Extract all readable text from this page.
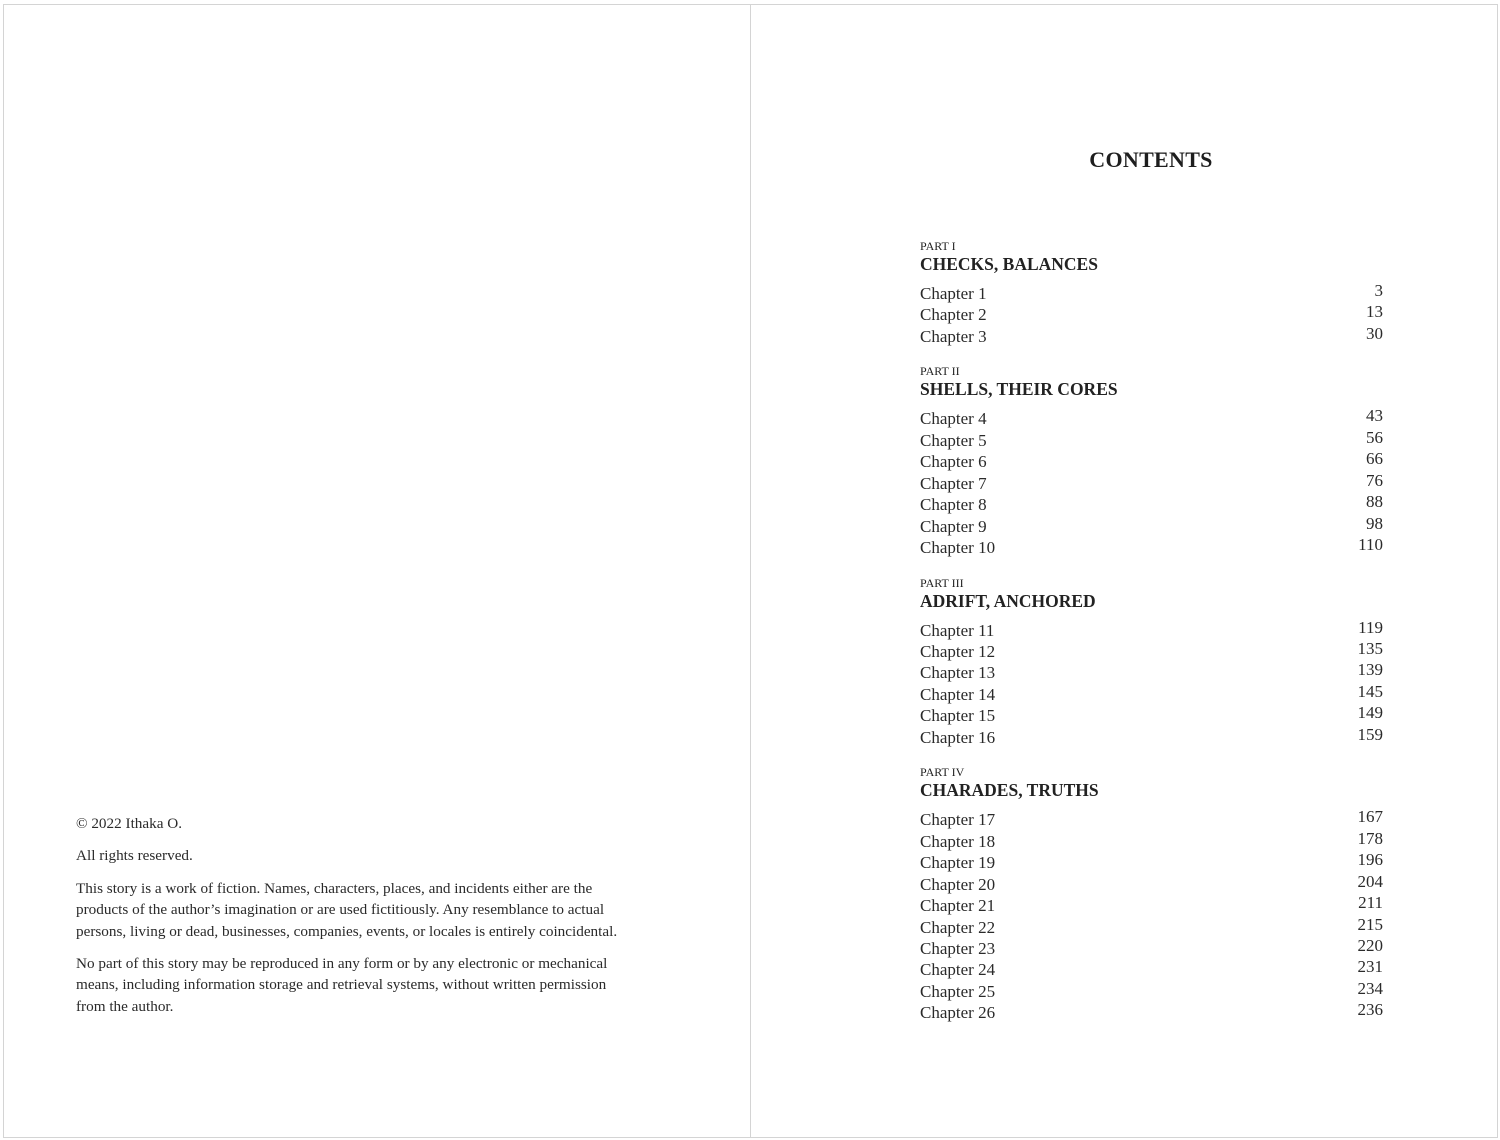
© 2022 Ithaka O.

All rights reserved.

This story is a work of fiction. Names, characters, places, and incidents either are the products of the author’s imagination or are used fictitiously. Any resemblance to actual persons, living or dead, businesses, companies, events, or locales is entirely coincidental.

No part of this story may be reproduced in any form or by any electronic or mechanical means, including information storage and retrieval systems, without written permission from the author.

CONTENTS
PART I
CHECKS, BALANCES
Chapter 1	3
Chapter 2	13
Chapter 3	30
PART II
SHELLS, THEIR CORES
Chapter 4	43
Chapter 5	56
Chapter 6	66
Chapter 7	76
Chapter 8	88
Chapter 9	98
Chapter 10	110
PART III
ADRIFT, ANCHORED
Chapter 11	119
Chapter 12	135
Chapter 13	139
Chapter 14	145
Chapter 15	149
Chapter 16	159
PART IV
CHARADES, TRUTHS
Chapter 17	167
Chapter 18	178
Chapter 19	196
Chapter 20	204
Chapter 21	211
Chapter 22	215
Chapter 23	220
Chapter 24	231
Chapter 25	234
Chapter 26	236
